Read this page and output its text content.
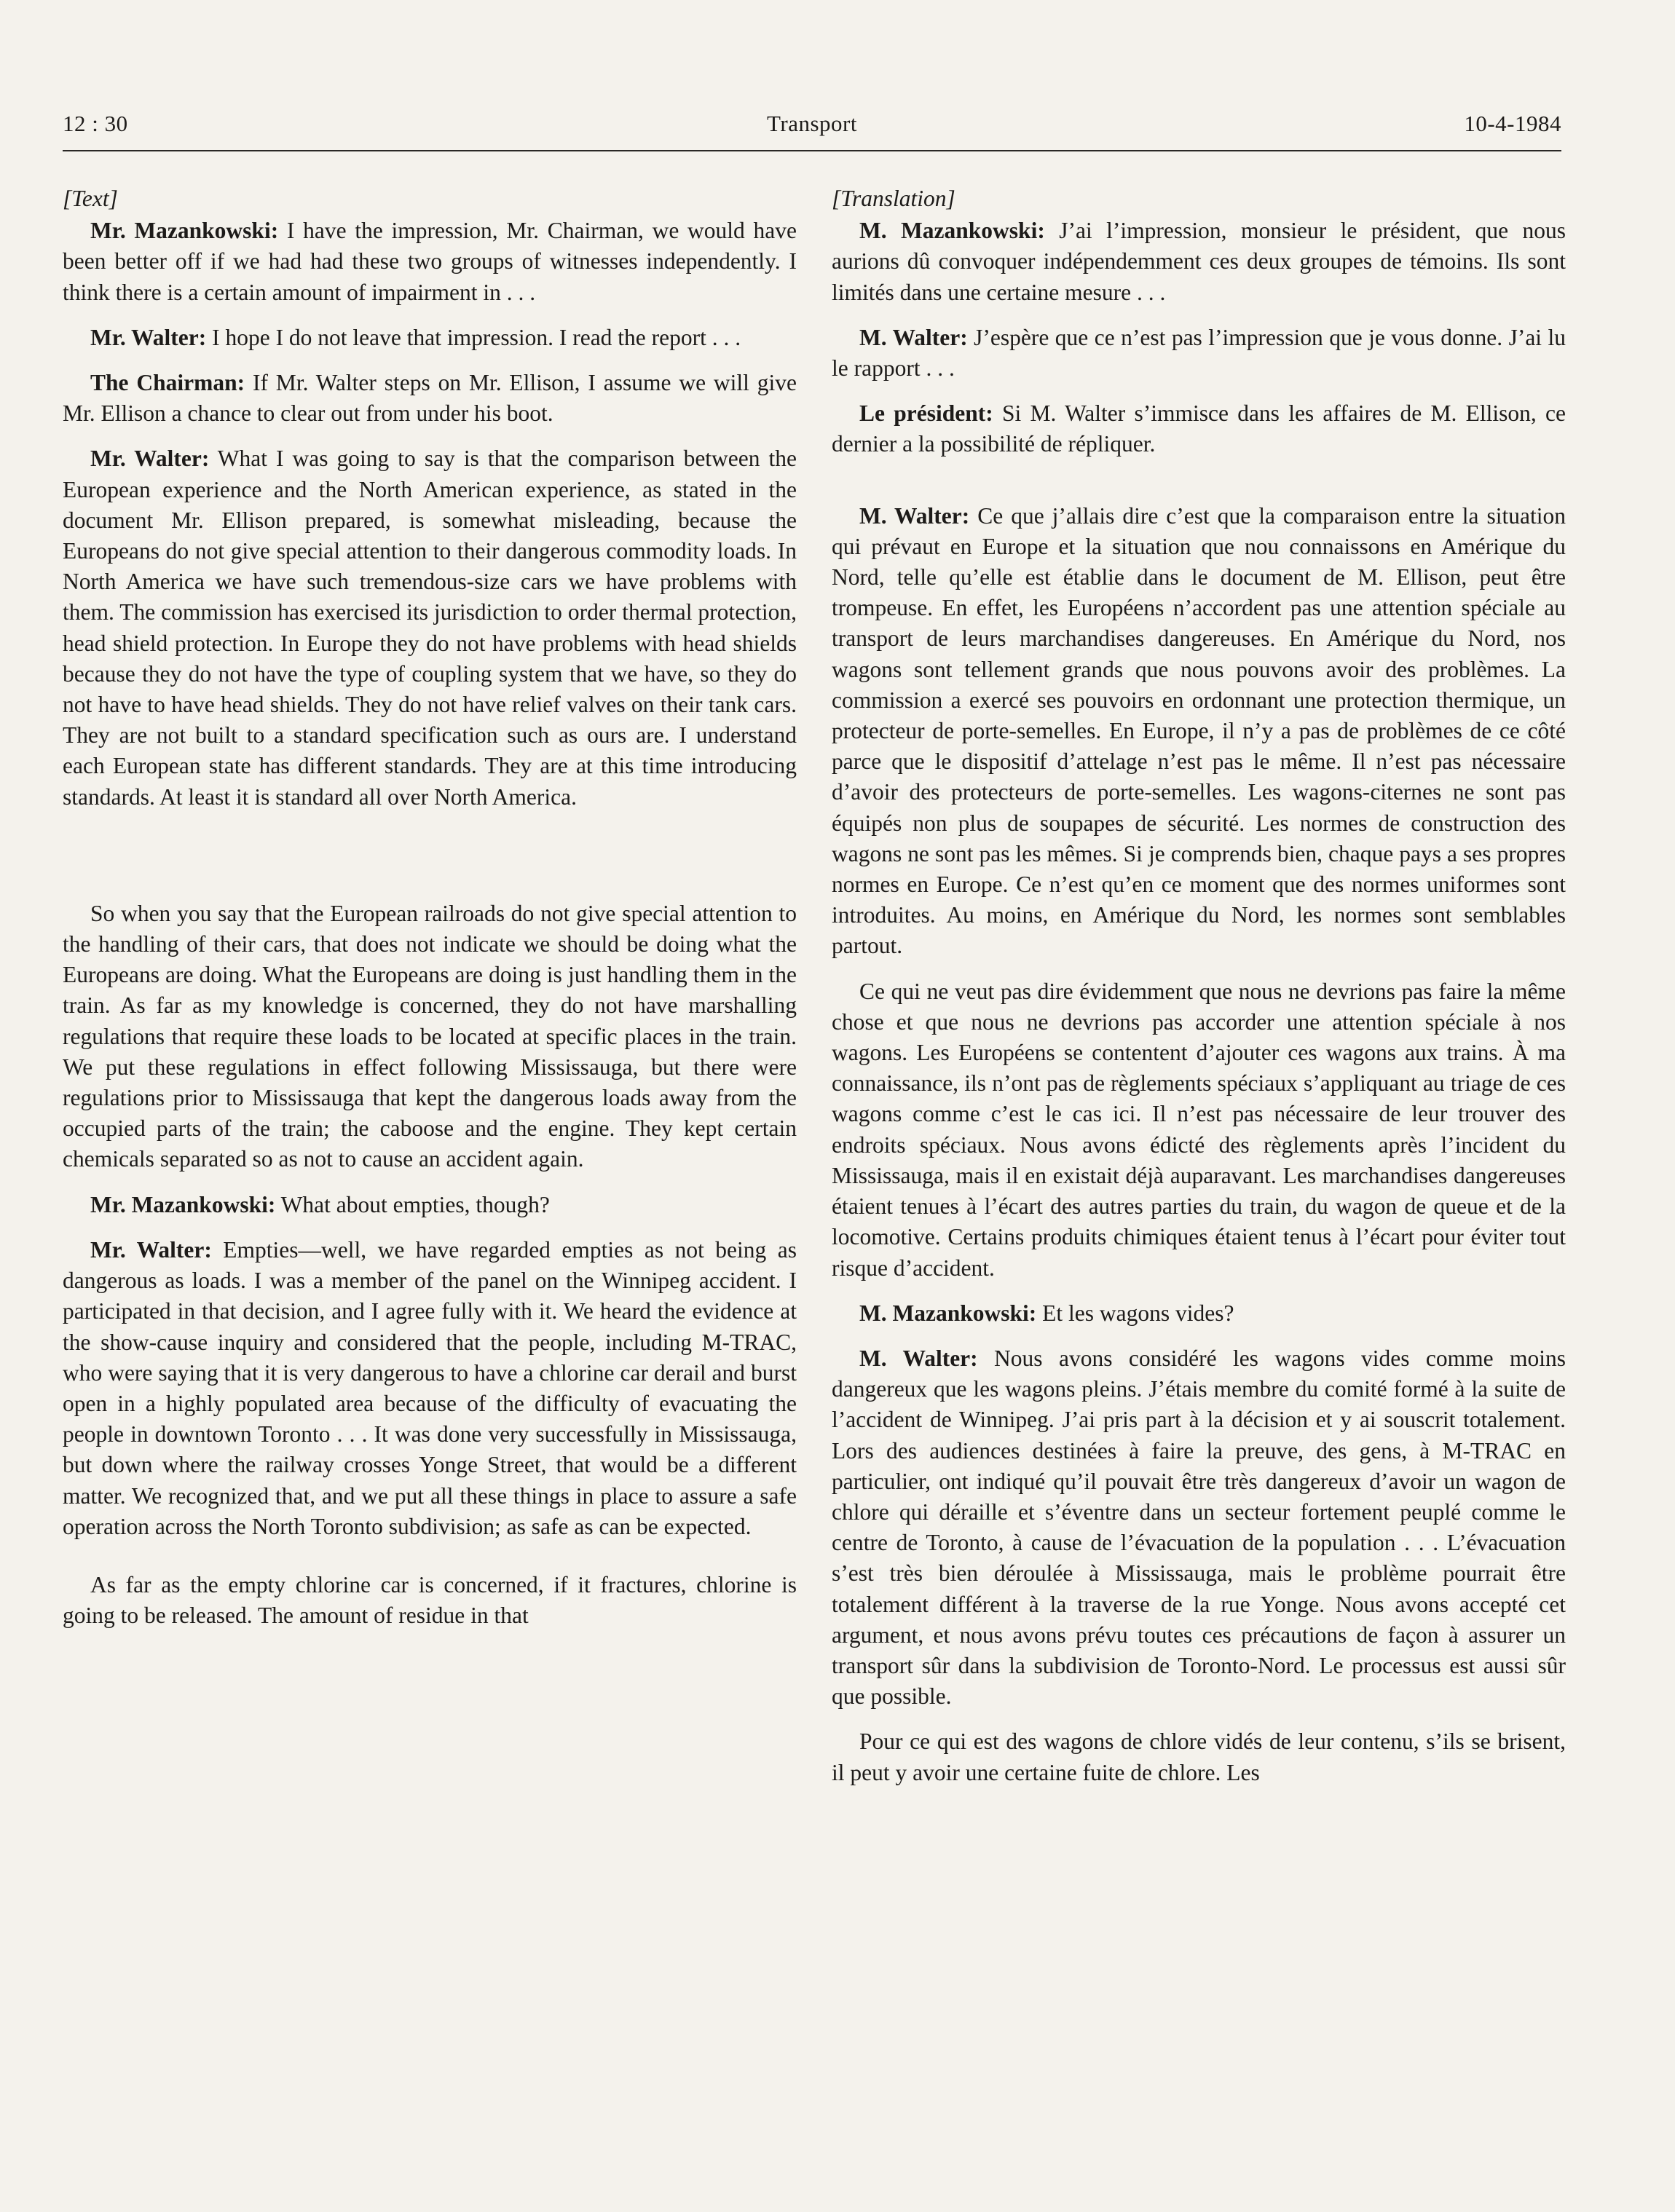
12 : 30	Transport	10-4-1984
[Text]

Mr. Mazankowski: I have the impression, Mr. Chairman, we would have been better off if we had had these two groups of witnesses independently. I think there is a certain amount of impairment in . . .

Mr. Walter: I hope I do not leave that impression. I read the report . . .

The Chairman: If Mr. Walter steps on Mr. Ellison, I assume we will give Mr. Ellison a chance to clear out from under his boot.

Mr. Walter: What I was going to say is that the comparison between the European experience and the North American experience, as stated in the document Mr. Ellison prepared, is somewhat misleading, because the Europeans do not give special attention to their dangerous commodity loads. In North America we have such tremendous-size cars we have problems with them. The commission has exercised its jurisdiction to order thermal protection, head shield protection. In Europe they do not have problems with head shields because they do not have the type of coupling system that we have, so they do not have to have head shields. They do not have relief valves on their tank cars. They are not built to a standard specification such as ours are. I understand each European state has different standards. They are at this time introducing standards. At least it is standard all over North America.

So when you say that the European railroads do not give special attention to the handling of their cars, that does not indicate we should be doing what the Europeans are doing. What the Europeans are doing is just handling them in the train. As far as my knowledge is concerned, they do not have marshalling regulations that require these loads to be located at specific places in the train. We put these regulations in effect following Mississauga, but there were regulations prior to Mississauga that kept the dangerous loads away from the occupied parts of the train; the caboose and the engine. They kept certain chemicals separated so as not to cause an accident again.

Mr. Mazankowski: What about empties, though?

Mr. Walter: Empties—well, we have regarded empties as not being as dangerous as loads. I was a member of the panel on the Winnipeg accident. I participated in that decision, and I agree fully with it. We heard the evidence at the show-cause inquiry and considered that the people, including M-TRAC, who were saying that it is very dangerous to have a chlorine car derail and burst open in a highly populated area because of the difficulty of evacuating the people in downtown Toronto . . . It was done very successfully in Mississauga, but down where the railway crosses Yonge Street, that would be a different matter. We recognized that, and we put all these things in place to assure a safe operation across the North Toronto subdivision; as safe as can be expected.

As far as the empty chlorine car is concerned, if it fractures, chlorine is going to be released. The amount of residue in that

[Translation]

M. Mazankowski: J’ai l’impression, monsieur le président, que nous aurions dû convoquer indépendemment ces deux groupes de témoins. Ils sont limités dans une certaine mesure . . .

M. Walter: J’espère que ce n’est pas l’impression que je vous donne. J’ai lu le rapport . . .

Le président: Si M. Walter s’immisce dans les affaires de M. Ellison, ce dernier a la possibilité de répliquer.

M. Walter: Ce que j’allais dire c’est que la comparaison entre la situation qui prévaut en Europe et la situation que nou connaissons en Amérique du Nord, telle qu’elle est établie dans le document de M. Ellison, peut être trompeuse. En effet, les Européens n’accordent pas une attention spéciale au transport de leurs marchandises dangereuses. En Amérique du Nord, nos wagons sont tellement grands que nous pouvons avoir des problèmes. La commission a exercé ses pouvoirs en ordonnant une protection thermique, un protecteur de porte-semelles. En Europe, il n’y a pas de problèmes de ce côté parce que le dispositif d’attelage n’est pas le même. Il n’est pas nécessaire d’avoir des protecteurs de porte-semelles. Les wagons-citernes ne sont pas équipés non plus de soupapes de sécurité. Les normes de construction des wagons ne sont pas les mêmes. Si je comprends bien, chaque pays a ses propres normes en Europe. Ce n’est qu’en ce moment que des normes uniformes sont introduites. Au moins, en Amérique du Nord, les normes sont semblables partout.

Ce qui ne veut pas dire évidemment que nous ne devrions pas faire la même chose et que nous ne devrions pas accorder une attention spéciale à nos wagons. Les Européens se contentent d’ajouter ces wagons aux trains. À ma connaissance, ils n’ont pas de règlements spéciaux s’appliquant au triage de ces wagons comme c’est le cas ici. Il n’est pas nécessaire de leur trouver des endroits spéciaux. Nous avons édicté des règlements après l’incident du Mississauga, mais il en existait déjà auparavant. Les marchandises dangereuses étaient tenues à l’écart des autres parties du train, du wagon de queue et de la locomotive. Certains produits chimiques étaient tenus à l’écart pour éviter tout risque d’accident.

M. Mazankowski: Et les wagons vides?

M. Walter: Nous avons considéré les wagons vides comme moins dangereux que les wagons pleins. J’étais membre du comité formé à la suite de l’accident de Winnipeg. J’ai pris part à la décision et y ai souscrit totalement. Lors des audiences destinées à faire la preuve, des gens, à M-TRAC en particulier, ont indiqué qu’il pouvait être très dangereux d’avoir un wagon de chlore qui déraille et s’éventre dans un secteur fortement peuplé comme le centre de Toronto, à cause de l’évacuation de la population . . . L’évacuation s’est très bien déroulée à Mississauga, mais le problème pourrait être totalement différent à la traverse de la rue Yonge. Nous avons accepté cet argument, et nous avons prévu toutes ces précautions de façon à assurer un transport sûr dans la subdivision de Toronto-Nord. Le processus est aussi sûr que possible.

Pour ce qui est des wagons de chlore vidés de leur contenu, s’ils se brisent, il peut y avoir une certaine fuite de chlore. Les
